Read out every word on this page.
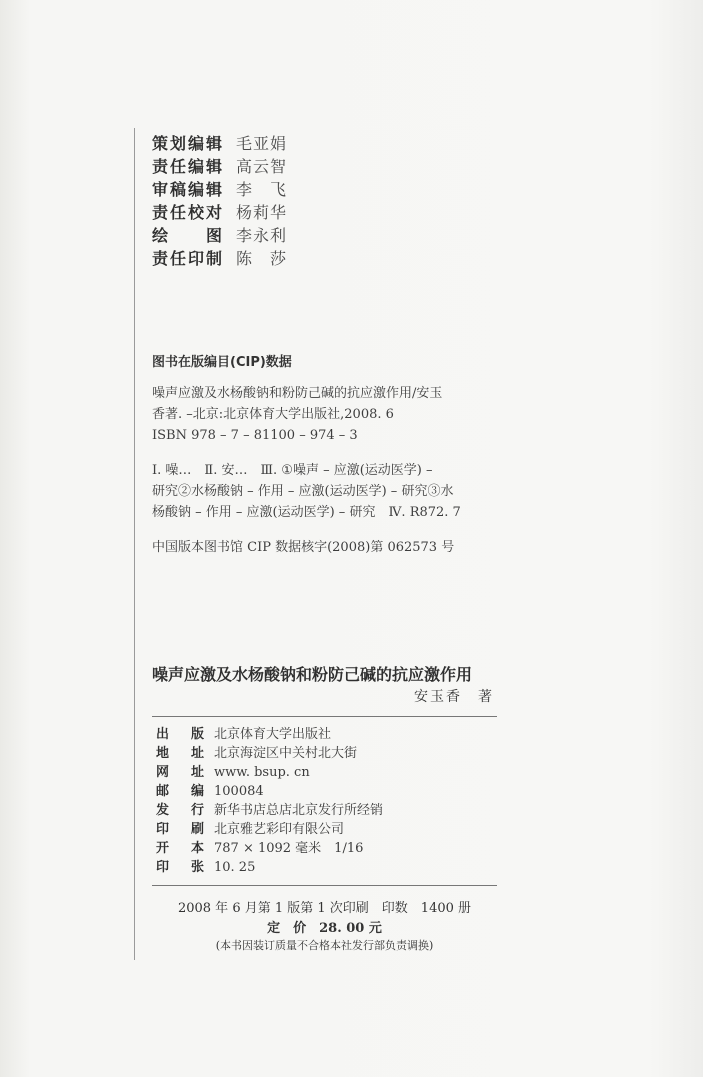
策划编辑 毛亚娟
责任编辑 高云智
审稿编辑 李　飞
责任校对 杨莉华
绘　　图 李永利
责任印制 陈　莎
图书在版编目(CIP)数据
噪声应激及水杨酸钠和粉防己碱的抗应激作用/安玉
香著. –北京:北京体育大学出版社,2008. 6
ISBN 978 – 7 – 81100 – 974 – 3
Ⅰ. 噪…　Ⅱ. 安…　Ⅲ. ①噪声 – 应激(运动医学) –
研究②水杨酸钠 – 作用 – 应激(运动医学) – 研究③水
杨酸钠 – 作用 – 应激(运动医学) – 研究　Ⅳ. R872. 7
中国版本图书馆 CIP 数据核字(2008)第 062573 号
噪声应激及水杨酸钠和粉防己碱的抗应激作用
安玉香　著
出 版 北京体育大学出版社
地 址 北京海淀区中关村北大街
网 址 www. bsup. cn
邮 编 100084
发 行 新华书店总店北京发行所经销
印 刷 北京雅艺彩印有限公司
开 本 787 × 1092 毫米　1/16
印 张 10. 25
2008 年 6 月第 1 版第 1 次印刷　印数　1400 册
定　价　28. 00 元
(本书因装订质量不合格本社发行部负责调换)
